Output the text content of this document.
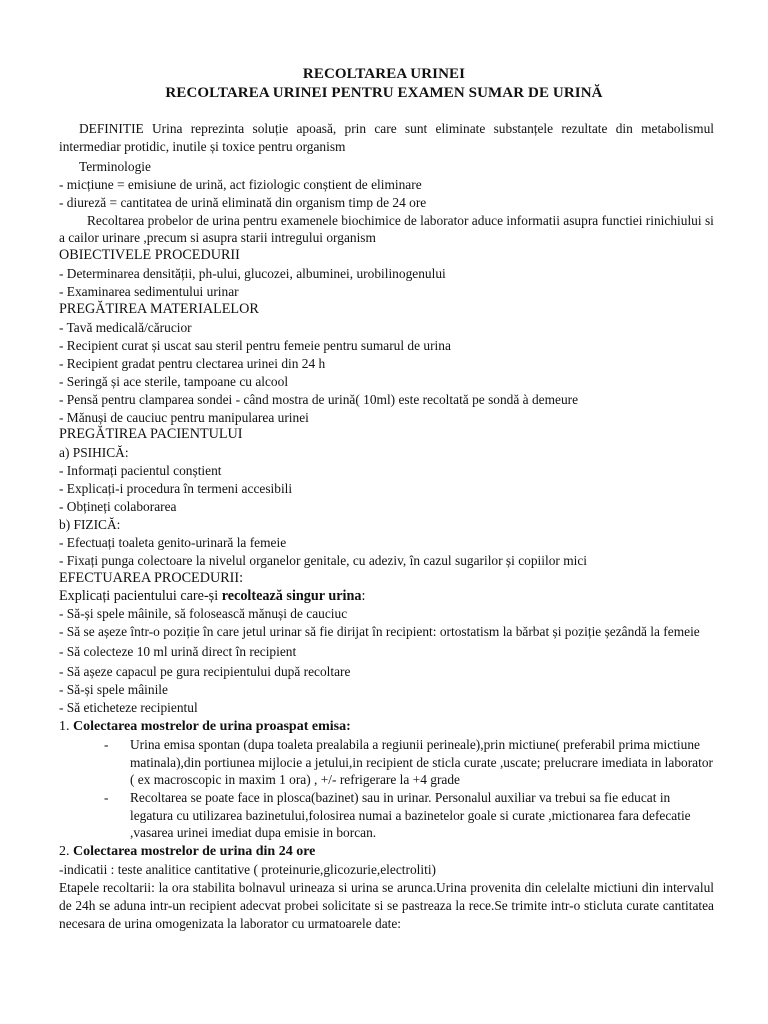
RECOLTAREA URINEI
RECOLTAREA URINEI PENTRU EXAMEN SUMAR DE URINĂ

DEFINITIE Urina reprezinta soluție apoasă, prin care sunt eliminate substanțele rezultate din metabolismul intermediar protidic, inutile și toxice pentru organism

Terminologie
- micțiune = emisiune de urină, act fiziologic conștient de eliminare
- diureză = cantitatea de urină eliminată din organism timp de 24 ore
Recoltarea probelor de urina pentru examenele biochimice de laborator aduce informatii asupra functiei rinichiului si a cailor urinare ,precum si asupra starii intregului organism
OBIECTIVELE PROCEDURII
- Determinarea densității, ph-ului, glucozei, albuminei, urobilinogenului
- Examinarea sedimentului urinar
PREGĂTIREA MATERIALELOR
- Tavă medicală/cărucior
- Recipient curat și uscat sau steril pentru femeie pentru sumarul de urina
- Recipient gradat pentru clectarea urinei din 24 h
- Seringă și ace sterile, tampoane cu alcool
- Pensă pentru clamparea sondei - când mostra de urină( 10ml) este recoltată pe sondă à demeure
- Mănuși de cauciuc pentru manipularea urinei
PREGĂTIREA PACIENTULUI
a) PSIHICĂ:
- Informați pacientul conștient
- Explicați-i procedura în termeni accesibili
- Obțineți colaborarea
b) FIZICĂ:
- Efectuați toaleta genito-urinară la femeie
- Fixați punga colectoare la nivelul organelor genitale, cu adeziv, în cazul sugarilor și copiilor mici
EFECTUAREA PROCEDURII:
Explicați pacientului care-și recoltează singur urina:
- Să-și spele mâinile, să folosească mănuși de cauciuc
- Să se așeze într-o poziție în care jetul urinar să fie dirijat în recipient: ortostatism la bărbat și poziție șezândă la femeie
- Să colecteze 10 ml urină direct în recipient
- Să așeze capacul pe gura recipientului după recoltare
- Să-și spele mâinile
- Să eticheteze recipientul
1. Colectarea mostrelor de urina proaspat emisa:
- Urina emisa spontan (dupa toaleta prealabila a regiunii perineale),prin mictiune( preferabil prima mictiune matinala),din portiunea mijlocie a jetului,in recipient de sticla curate ,uscate; prelucrare imediata in laborator ( ex macroscopic in maxim 1 ora) , +/- refrigerare la +4 grade
- Recoltarea se poate face in plosca(bazinet) sau in urinar. Personalul auxiliar va trebui sa fie educat in legatura cu utilizarea bazinetului,folosirea numai a bazinetelor goale si curate ,mictionarea fara defecatie ,vasarea urinei imediat dupa emisie in borcan.
2. Colectarea mostrelor de urina din 24 ore
-indicatii : teste analitice cantitative ( proteinurie,glicozurie,electroliti)
Etapele recoltarii: la ora stabilita bolnavul urineaza si urina se arunca.Urina provenita din celelalte mictiuni din intervalul de 24h se aduna intr-un recipient adecvat probei solicitate si se pastreaza la rece.Se trimite intr-o sticluta curate cantitatea necesara de urina omogenizata la laborator cu urmatoarele date:
